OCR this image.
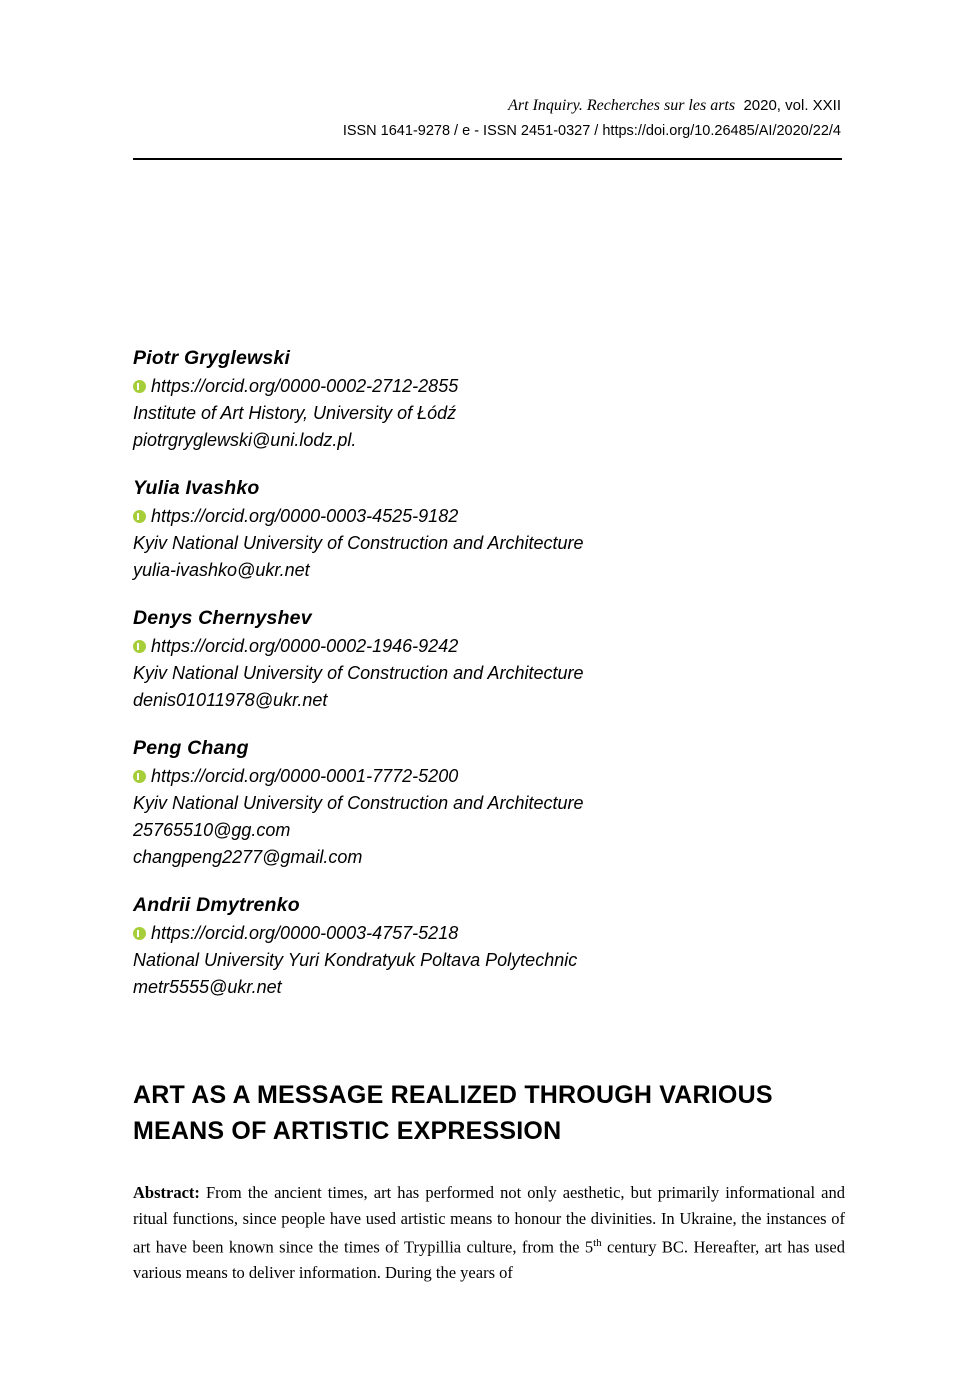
Art Inquiry. Recherches sur les arts 2020, vol. XXII
ISSN 1641-9278 / e - ISSN 2451-0327 / https://doi.org/10.26485/AI/2020/22/4
Piotr Gryglewski
https://orcid.org/0000-0002-2712-2855
Institute of Art History, University of Łódź
piotrgryglewski@uni.lodz.pl.
Yulia Ivashko
https://orcid.org/0000-0003-4525-9182
Kyiv National University of Construction and Architecture
yulia-ivashko@ukr.net
Denys Chernyshev
https://orcid.org/0000-0002-1946-9242
Kyiv National University of Construction and Architecture
denis01011978@ukr.net
Peng Chang
https://orcid.org/0000-0001-7772-5200
Kyiv National University of Construction and Architecture
25765510@gg.com
changpeng2277@gmail.com
Andrii Dmytrenko
https://orcid.org/0000-0003-4757-5218
National University Yuri Kondratyuk Poltava Polytechnic
metr5555@ukr.net
ART AS A MESSAGE REALIZED THROUGH VARIOUS MEANS OF ARTISTIC EXPRESSION
Abstract: From the ancient times, art has performed not only aesthetic, but primarily informational and ritual functions, since people have used artistic means to honour the divinities. In Ukraine, the instances of art have been known since the times of Trypillia culture, from the 5th century BC. Hereafter, art has used various means to deliver information. During the years of
